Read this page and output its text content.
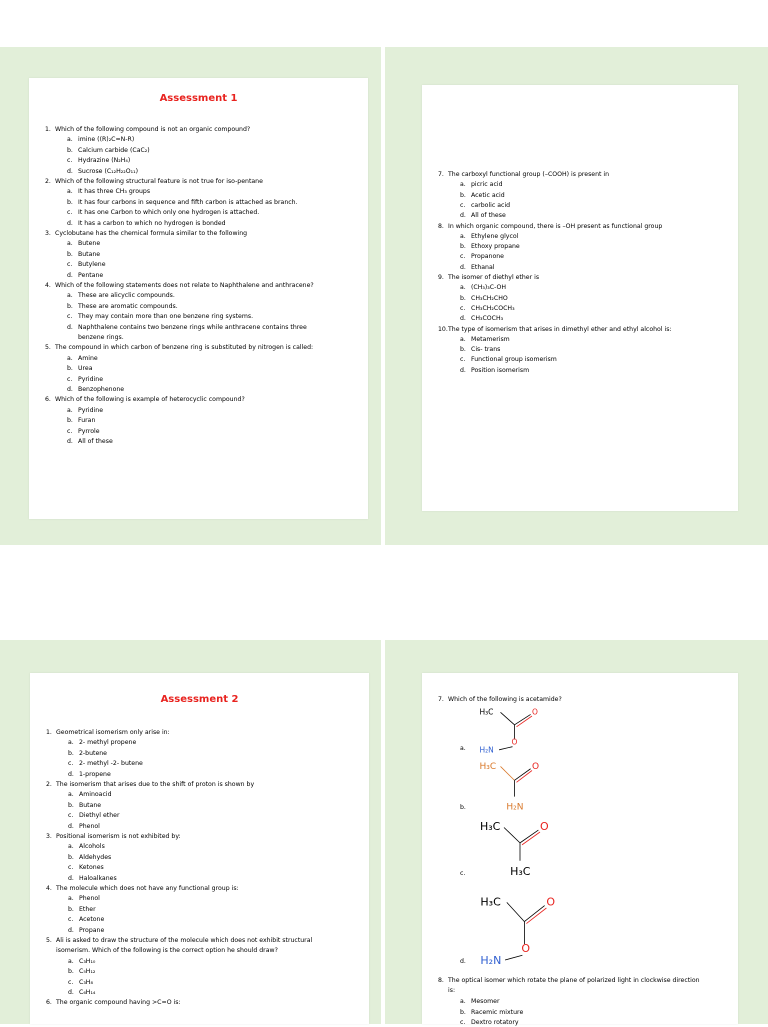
Assessment 1
1. Which of the following compound is not an organic compound?
a. imine ((R)₂C=N-R)
b. Calcium carbide (CaC₂)
c. Hydrazine (N₂H₄)
d. Sucrose (C₁₂H₂₂O₁₁)
2. Which of the following structural feature is not true for iso-pentane
a. It has three CH₃ groups
b. It has four carbons in sequence and fifth carbon is attached as branch.
c. It has one Carbon to which only one hydrogen is attached.
d. It has a carbon to which no hydrogen is bonded
3. Cyclobutane has the chemical formula similar to the following
a. Butene
b. Butane
c. Butylene
d. Pentane
4. Which of the following statements does not relate to Naphthalene and anthracene?
a. These are alicyclic compounds.
b. These are aromatic compounds.
c. They may contain more than one benzene ring systems.
d. Naphthalene contains two benzene rings while anthracene contains three
benzene rings.
5. The compound in which carbon of benzene ring is substituted by nitrogen is called:
a. Amine
b. Urea
c. Pyridine
d. Benzophenone
6. Which of the following is example of heterocyclic compound?
a. Pyridine
b. Furan
c. Pyrrole
d. All of these
7. The carboxyl functional group (–COOH) is present in
a. picric acid
b. Acetic acid
c. carbolic acid
d. All of these
8. In which organic compound, there is –OH present as functional group
a. Ethylene glycol
b. Ethoxy propane
c. Propanone
d. Ethanal
9. The isomer of diethyl ether is
a. (CH₃)₃C-OH
b. CH₃CH₂CHO
c. CH₃CH₂COCH₃
d. CH₃COCH₃
10.The type of isomerism that arises in dimethyl ether and ethyl alcohol is:
a. Metamerism
b. Cis- trans
c. Functional group isomerism
d. Position isomerism
Assessment 2
1. Geometrical isomerism only arise in:
a. 2- methyl propene
b. 2-butene
c. 2- methyl -2- butene
d. 1-propene
2. The isomerism that arises due to the shift of proton is shown by
a. Aminoacid
b. Butane
c. Diethyl ether
d. Phenol
3. Positional isomerism is not exhibited by:
a. Alcohols
b. Aldehydes
c. Ketones
d. Haloalkanes
4. The molecule which does not have any functional group is:
a. Phenol
b. Ether
c. Acetone
d. Propane
5. Ali is asked to draw the structure of the molecule which does not exhibit structural
isomerism. Which of the following is the correct option he should draw?
a. C₃H₁₀
b. C₅H₁₂
c. C₃H₈
d. C₆H₁₄
6. The organic compound having >C=O is:
7. Which of the following is acetamide?
a.
H₃C	O
O
H₂N
b.
H₃C	O
H₂N
c.
H₃C	O
H₃C
d.
H₃C	O
O
H₂N
8. The optical isomer which rotate the plane of polarized light in clockwise direction
is:
a. Mesomer
b. Racemic mixture
c. Dextro rotatory
